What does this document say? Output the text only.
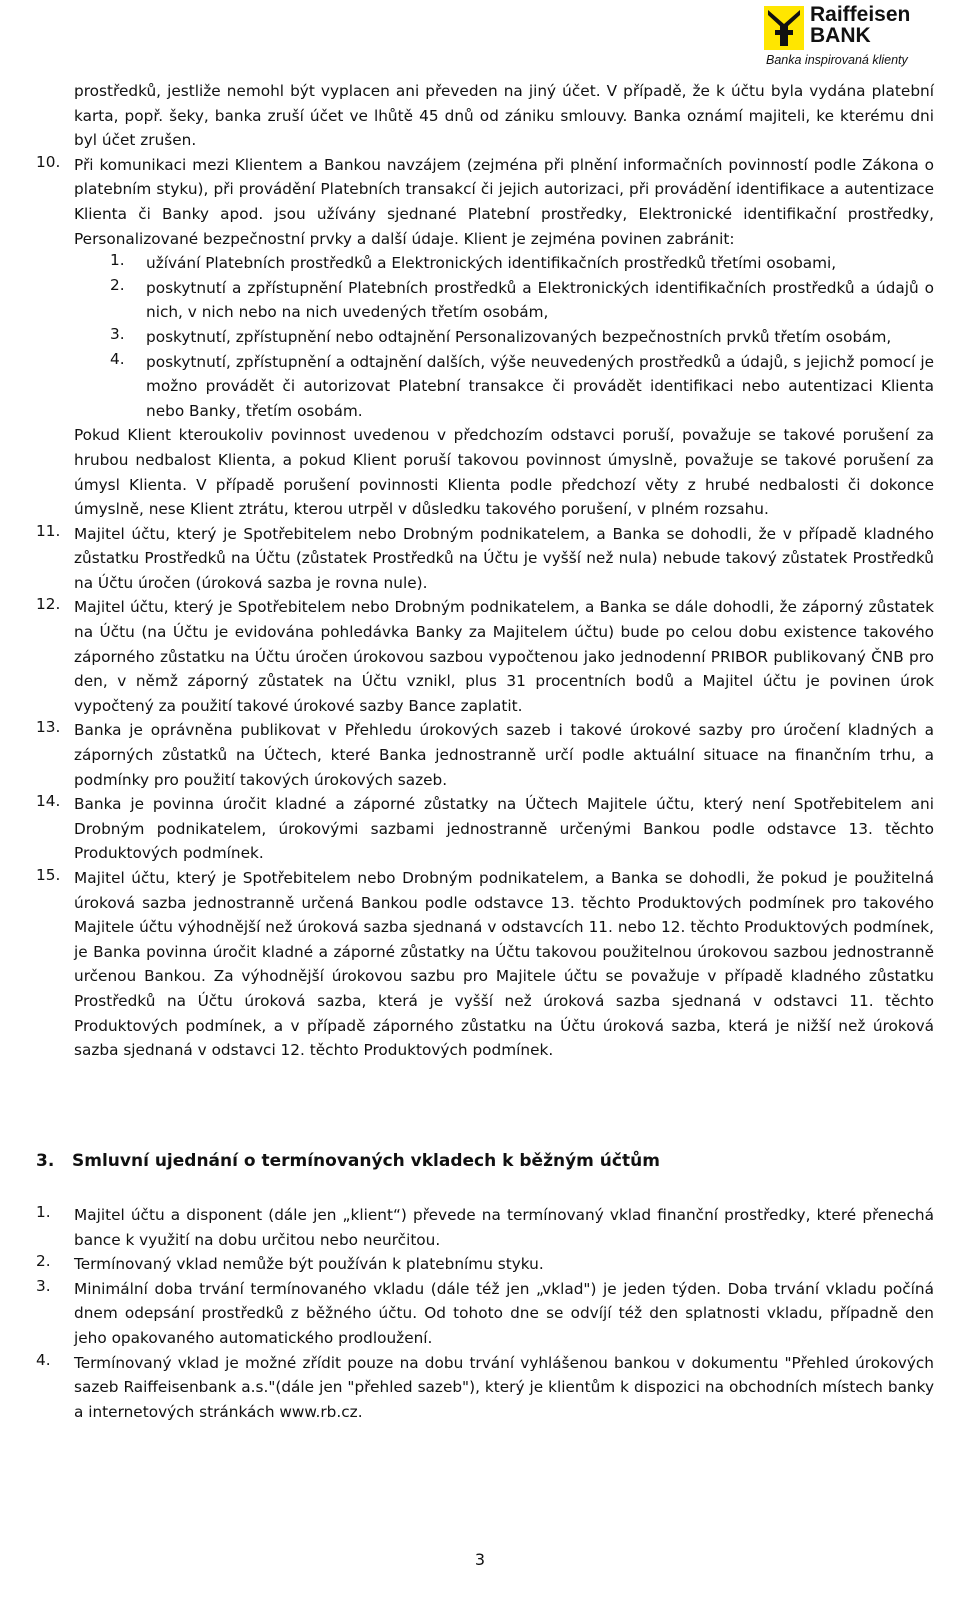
Raiffeisen
BANK
Banka inspirovaná klienty

prostředků, jestliže nemohl být vyplacen ani převeden na jiný účet. V případě, že k účtu byla vydána platební karta, popř. šeky, banka zruší účet ve lhůtě 45 dnů od zániku smlouvy. Banka oznámí majiteli, ke kterému dni byl účet zrušen.

10. Při komunikaci mezi Klientem a Bankou navzájem (zejména při plnění informačních povinností podle Zákona o platebním styku), při provádění Platebních transakcí či jejich autorizaci, při provádění identifikace a autentizace Klienta či Banky apod. jsou užívány sjednané Platební prostředky, Elektronické identifikační prostředky, Personalizované bezpečnostní prvky a další údaje. Klient je zejména povinen zabránit:

1. užívání Platebních prostředků a Elektronických identifikačních prostředků třetími osobami,

2. poskytnutí a zpřístupnění Platebních prostředků a Elektronických identifikačních prostředků a údajů o nich, v nich nebo na nich uvedených třetím osobám,

3. poskytnutí, zpřístupnění nebo odtajnění Personalizovaných bezpečnostních prvků třetím osobám,

4. poskytnutí, zpřístupnění a odtajnění dalších, výše neuvedených prostředků a údajů, s jejichž pomocí je možno provádět či autorizovat Platební transakce či provádět identifikaci nebo autentizaci Klienta nebo Banky, třetím osobám.

Pokud Klient kteroukoliv povinnost uvedenou v předchozím odstavci poruší, považuje se takové porušení za hrubou nedbalost Klienta, a pokud Klient poruší takovou povinnost úmyslně, považuje se takové porušení za úmysl Klienta. V případě porušení povinnosti Klienta podle předchozí věty z hrubé nedbalosti či dokonce úmyslně, nese Klient ztrátu, kterou utrpěl v důsledku takového porušení, v plném rozsahu.

11. Majitel účtu, který je Spotřebitelem nebo Drobným podnikatelem, a Banka se dohodli, že v případě kladného zůstatku Prostředků na Účtu (zůstatek Prostředků na Účtu je vyšší než nula) nebude takový zůstatek Prostředků na Účtu úročen (úroková sazba je rovna nule).

12. Majitel účtu, který je Spotřebitelem nebo Drobným podnikatelem, a Banka se dále dohodli, že záporný zůstatek na Účtu (na Účtu je evidována pohledávka Banky za Majitelem účtu) bude po celou dobu existence takového záporného zůstatku na Účtu úročen úrokovou sazbou vypočtenou jako jednodenní PRIBOR publikovaný ČNB pro den, v němž záporný zůstatek na Účtu vznikl, plus 31 procentních bodů a Majitel účtu je povinen úrok vypočtený za použití takové úrokové sazby Bance zaplatit.

13. Banka je oprávněna publikovat v Přehledu úrokových sazeb i takové úrokové sazby pro úročení kladných a záporných zůstatků na Účtech, které Banka jednostranně určí podle aktuální situace na finančním trhu, a podmínky pro použití takových úrokových sazeb.

14. Banka je povinna úročit kladné a záporné zůstatky na Účtech Majitele účtu, který není Spotřebitelem ani Drobným podnikatelem, úrokovými sazbami jednostranně určenými Bankou podle odstavce 13. těchto Produktových podmínek.

15. Majitel účtu, který je Spotřebitelem nebo Drobným podnikatelem, a Banka se dohodli, že pokud je použitelná úroková sazba jednostranně určená Bankou podle odstavce 13. těchto Produktových podmínek pro takového Majitele účtu výhodnější než úroková sazba sjednaná v odstavcích 11. nebo 12. těchto Produktových podmínek, je Banka povinna úročit kladné a záporné zůstatky na Účtu takovou použitelnou úrokovou sazbou jednostranně určenou Bankou. Za výhodnější úrokovou sazbu pro Majitele účtu se považuje v případě kladného zůstatku Prostředků na Účtu úroková sazba, která je vyšší než úroková sazba sjednaná v odstavci 11. těchto Produktových podmínek, a v případě záporného zůstatku na Účtu úroková sazba, která je nižší než úroková sazba sjednaná v odstavci 12. těchto Produktových podmínek.

3. Smluvní ujednání o termínovaných vkladech k běžným účtům
1. Majitel účtu a disponent (dále jen „klient“) převede na termínovaný vklad finanční prostředky, které přenechá bance k využití na dobu určitou nebo neurčitou.

2. Termínovaný vklad nemůže být používán k platebnímu styku.

3. Minimální doba trvání termínovaného vkladu (dále též jen „vklad") je jeden týden. Doba trvání vkladu počíná dnem odepsání prostředků z běžného účtu. Od tohoto dne se odvíjí též den splatnosti vkladu, případně den jeho opakovaného automatického prodloužení.

4. Termínovaný vklad je možné zřídit pouze na dobu trvání vyhlášenou bankou v dokumentu "Přehled úrokových sazeb Raiffeisenbank a.s."(dále jen "přehled sazeb"), který je klientům k dispozici na obchodních místech banky a internetových stránkách www.rb.cz.

3
